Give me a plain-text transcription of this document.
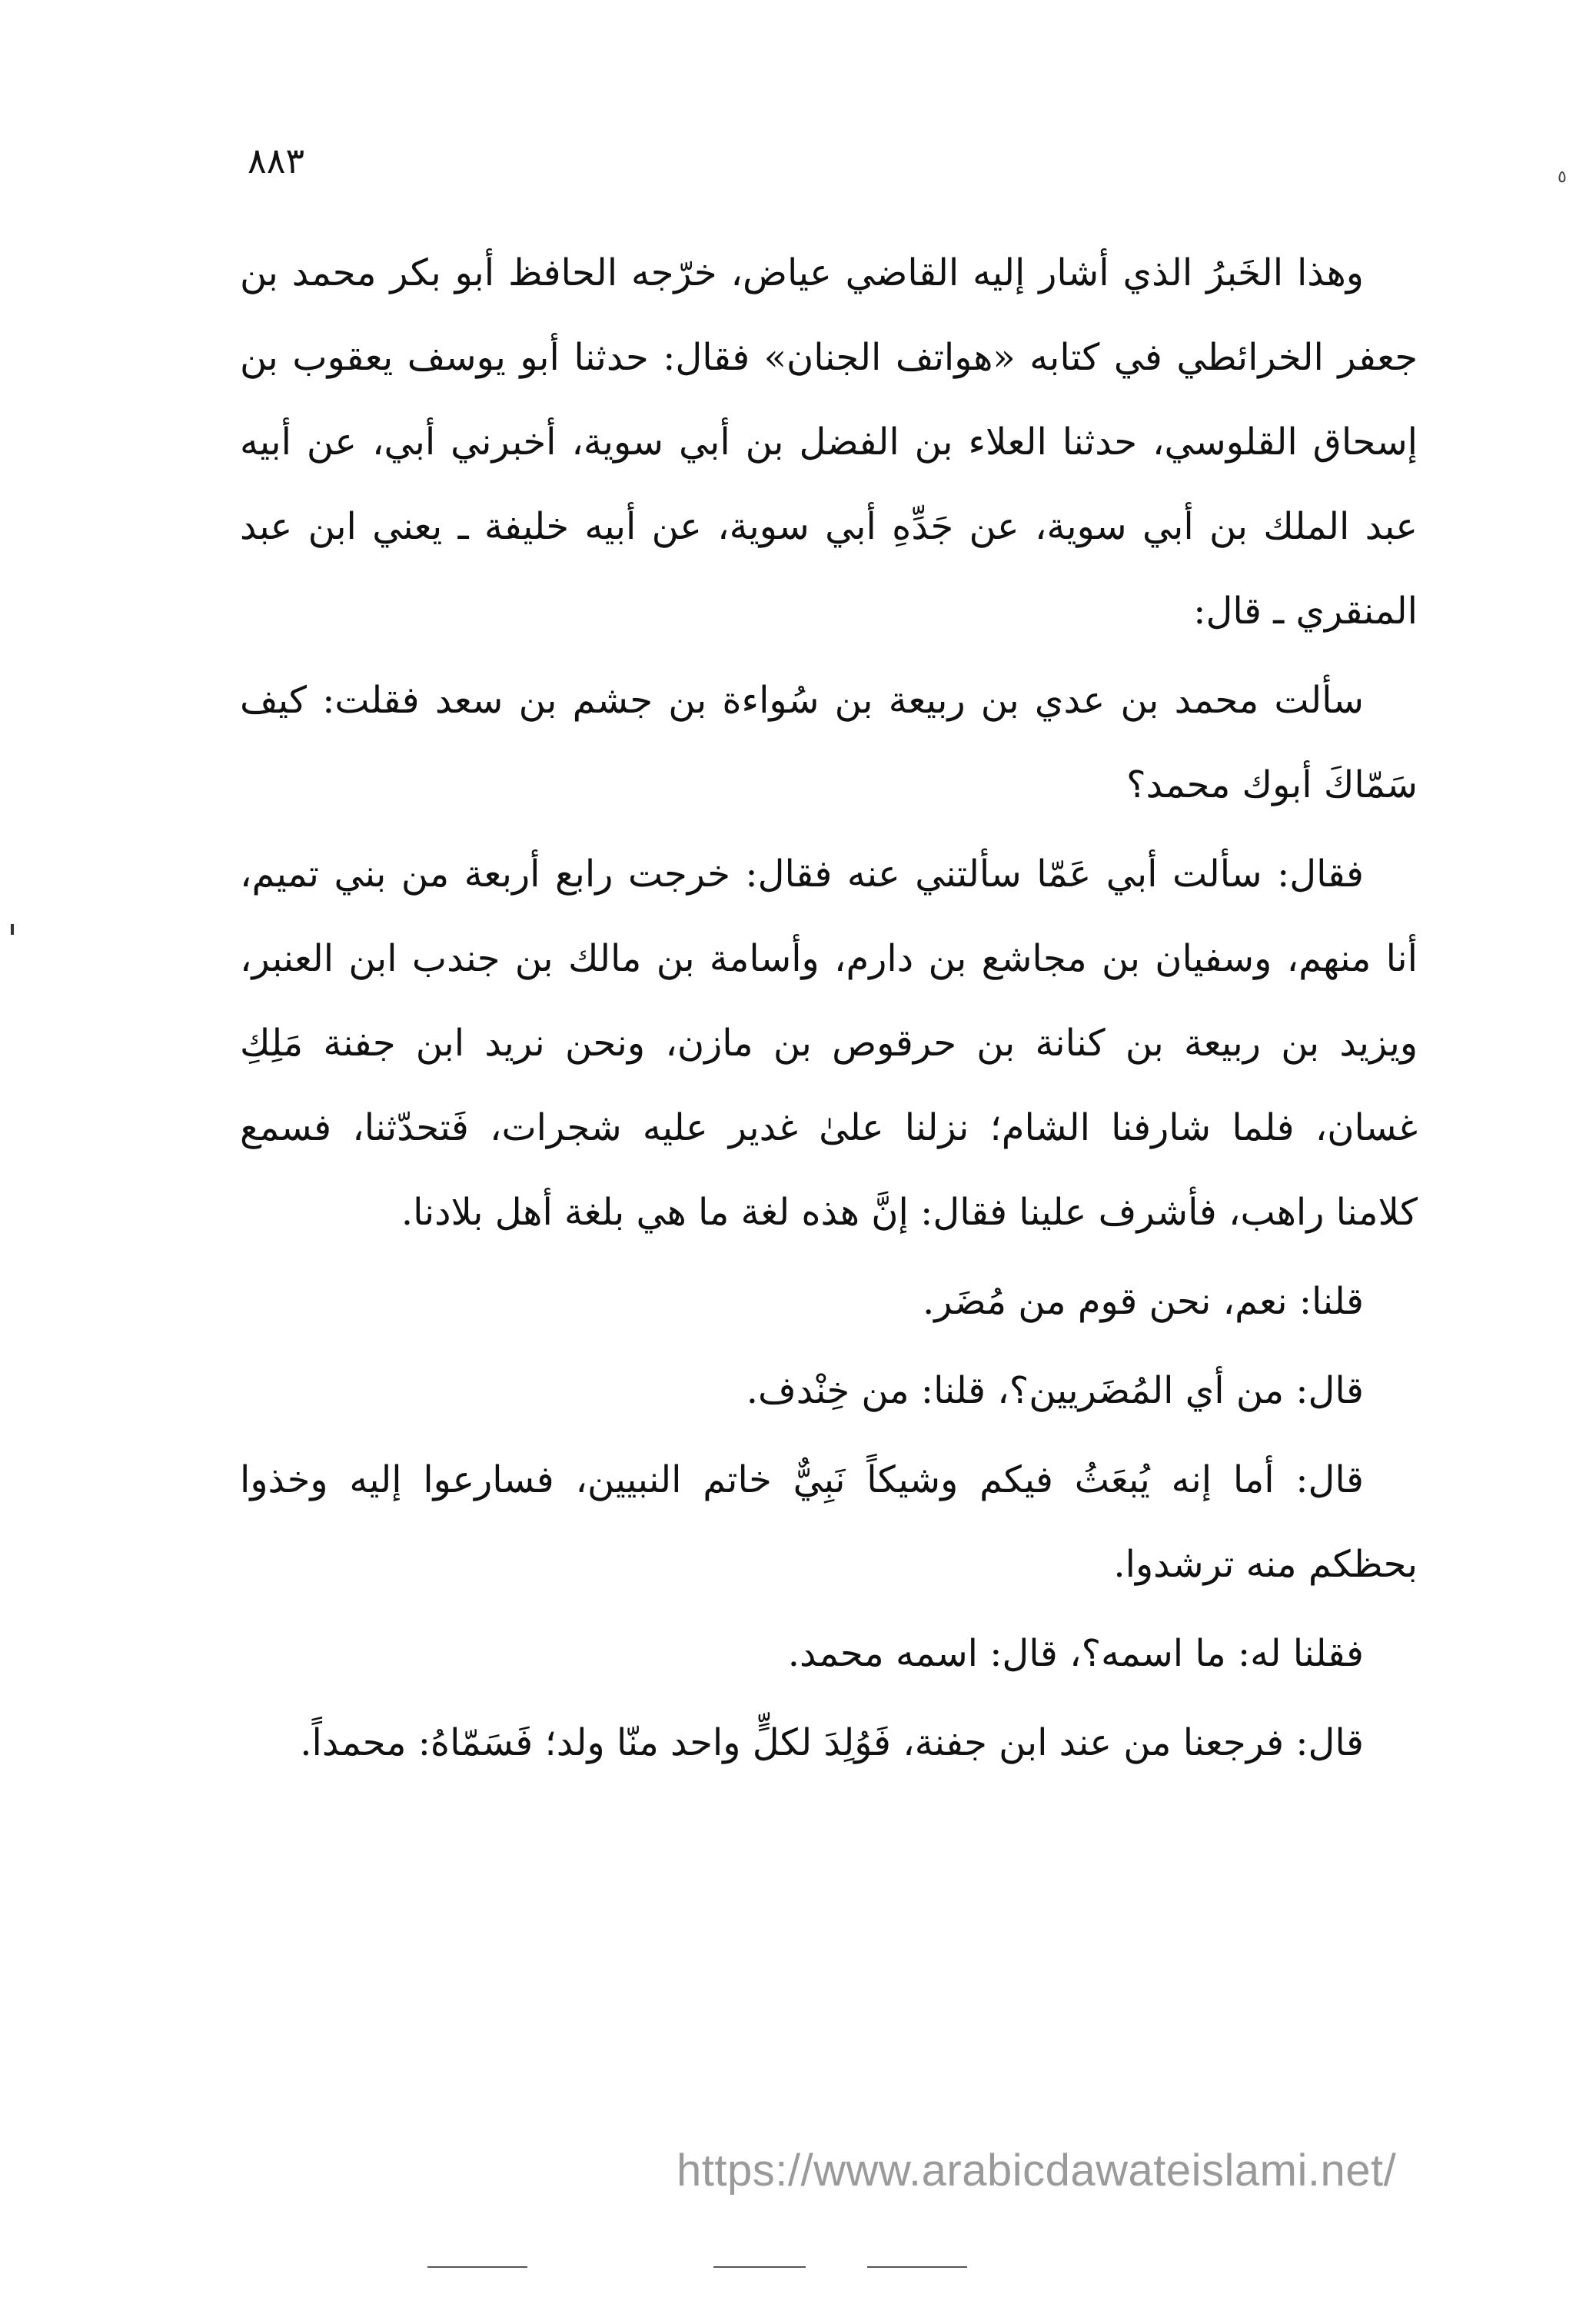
٨٨٣	٥

وهذا الخَبرُ الذي أشار إليه القاضي عياض، خرّجه الحافظ أبو بكر محمد بن جعفر الخرائطي في كتابه «هواتف الجنان» فقال: حدثنا أبو يوسف يعقوب بن إسحاق القلوسي، حدثنا العلاء بن الفضل بن أبي سوية، أخبرني أبي، عن أبيه عبد الملك بن أبي سوية، عن جَدِّهِ أبي سوية، عن أبيه خليفة ـ يعني ابن عبد المنقري ـ قال:

سألت محمد بن عدي بن ربيعة بن سُواءة بن جشم بن سعد فقلت: كيف سَمّاكَ أبوك محمد؟

فقال: سألت أبي عَمّا سألتني عنه فقال: خرجت رابع أربعة من بني تميم، أنا منهم، وسفيان بن مجاشع بن دارم، وأسامة بن مالك بن جندب ابن العنبر، ويزيد بن ربيعة بن كنانة بن حرقوص بن مازن، ونحن نريد ابن جفنة مَلِكِ غسان، فلما شارفنا الشام؛ نزلنا علىٰ غدير عليه شجرات، فَتحدّثنا، فسمع كلامنا راهب، فأشرف علينا فقال: إنَّ هذه لغة ما هي بلغة أهل بلادنا.

قلنا: نعم، نحن قوم من مُضَر.

قال: من أي المُضَريين؟، قلنا: من خِنْدف.

قال: أما إنه يُبعَثُ فيكم وشيكاً نَبِيٌّ خاتم النبيين، فسارعوا إليه وخذوا بحظكم منه ترشدوا.

فقلنا له: ما اسمه؟، قال: اسمه محمد.

قال: فرجعنا من عند ابن جفنة، فَوُلِدَ لكلٍّ واحد منّا ولد؛ فَسَمّاهُ: محمداً.

https://www.arabicdawateislami.net/
